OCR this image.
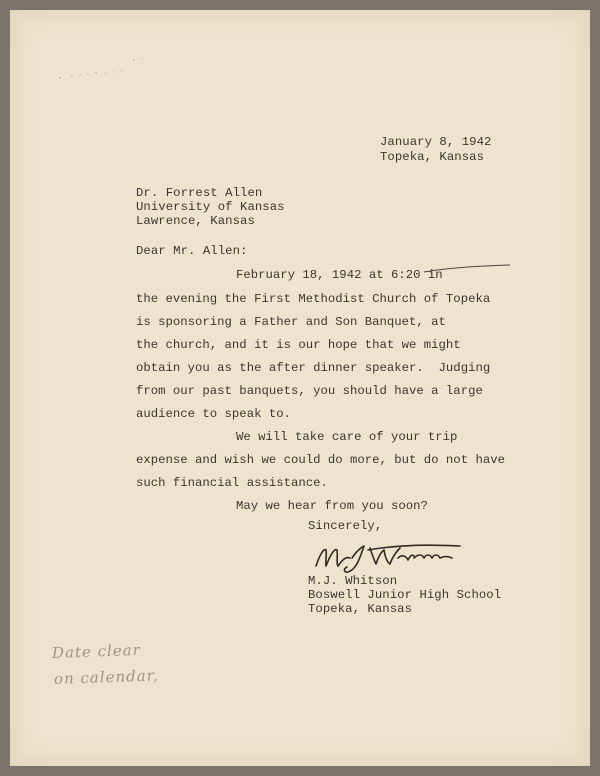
January 8, 1942
Topeka, Kansas
Dr. Forrest Allen
University of Kansas
Lawrence, Kansas
Dear Mr. Allen:
February 18, 1942 at 6:20 in
the evening the First Methodist Church of Topeka
is sponsoring a Father and Son Banquet, at
the church, and it is our hope that we might
obtain you as the after dinner speaker.  Judging
from our past banquets, you should have a large
audience to speak to.
We will take care of your trip
expense and wish we could do more, but do not have
such financial assistance.
May we hear from you soon?
Sincerely,
M.J. Whitson
Boswell Junior High School
Topeka, Kansas
Date clear
on calendar,
